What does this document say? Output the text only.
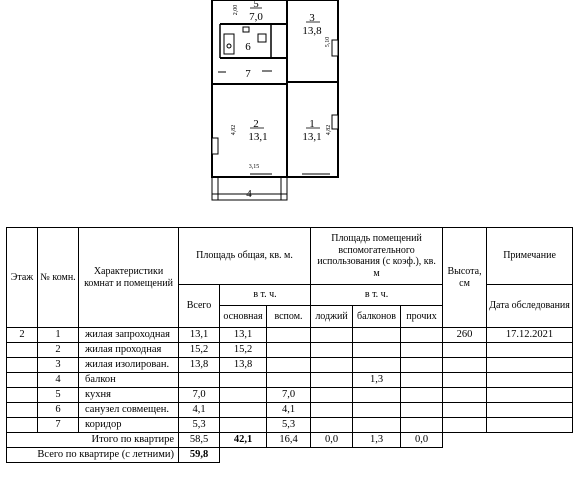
5
7,0	3
13,8
6
7
2
13,1
1
13,1
4
2,00
5,10
4,82	4,82
3,15
Этаж	№ комн.	Характеристики комнат и помещений	Площадь общая, кв. м.			Площадь помещений вспомогательного использования (с коэф.), кв. м			Высота, см	Примечание
			Всего	в т. ч.		в т. ч.				Дата обследования
				основная	вспом.	лоджий	балконов	прочих		
2	1	жилая запроходная	13,1	13,1					260	17.12.2021
	2	жилая проходная	15,2	15,2						
	3	жилая изолирован.	13,8	13,8						
	4	балкон					1,3			
	5	кухня	7,0		7,0					
	6	санузел совмещен.	4,1		4,1					
	7	коридор	5,3		5,3					
Итого по квартире			58,5	42,1	16,4	0,0	1,3	0,0		
Всего по квартире (с летними)			59,8							
